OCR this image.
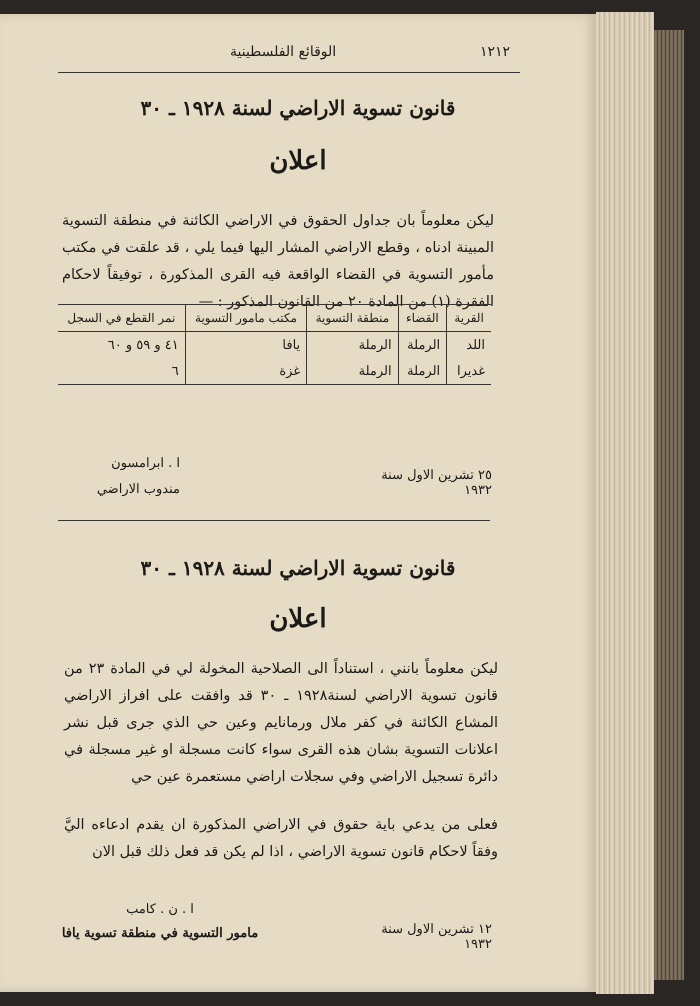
الوقائع الفلسطينية	١٢١٢
قانون تسوية الاراضي لسنة ١٩٢٨ ـ ٣٠
اعلان
ليكن معلوماً بان جداول الحقوق في الاراضي الكائنة في منطقة التسوية المبينة ادناه ، وقطع الاراضي المشار اليها فيما يلي ، قد علقت في مكتب مأمور التسوية في القضاء الواقعة فيه القرى المذكورة ، توفيقاً لاحكام الفقرة (١) من المادة ٢٠ من القانون المذكور : —
القرية	القضاء	منطقة التسوية	مكتب مامور التسوية	نمر القطع في السجل
اللد	الرملة	الرملة	يافا	٤١ و ٥٩ و ٦٠
غديرا	الرملة	الرملة	غزة	٦
٢٥ تشرين الاول سنة ١٩٣٢
ا . ابرامسون
مندوب الاراضي
قانون تسوية الاراضي لسنة ١٩٢٨ ـ ٣٠
اعلان
ليكن معلوماً بانني ، استناداً الى الصلاحية المخولة لي في المادة ٢٣ من قانون تسوية الاراضي لسنة١٩٢٨ ـ ٣٠ قد وافقت على افراز الاراضي المشاع الكائنة في كفر ملال ورمانايم وعين حي الذي جرى قبل نشر اعلانات التسوية بشان هذه القرى سواء كانت مسجلة او غير مسجلة في دائرة تسجيل الاراضي وفي سجلات اراضي مستعمرة عين حي
فعلى من يدعي باية حقوق في الاراضي المذكورة ان يقدم ادعاءه اليَّ وفقاً لاحكام قانون تسوية الاراضي ، اذا لم يكن قد فعل ذلك قبل الان
١٢ تشرين الاول سنة ١٩٣٢
ا . ن . كامب
مامور التسوية في منطقة تسوية يافا
